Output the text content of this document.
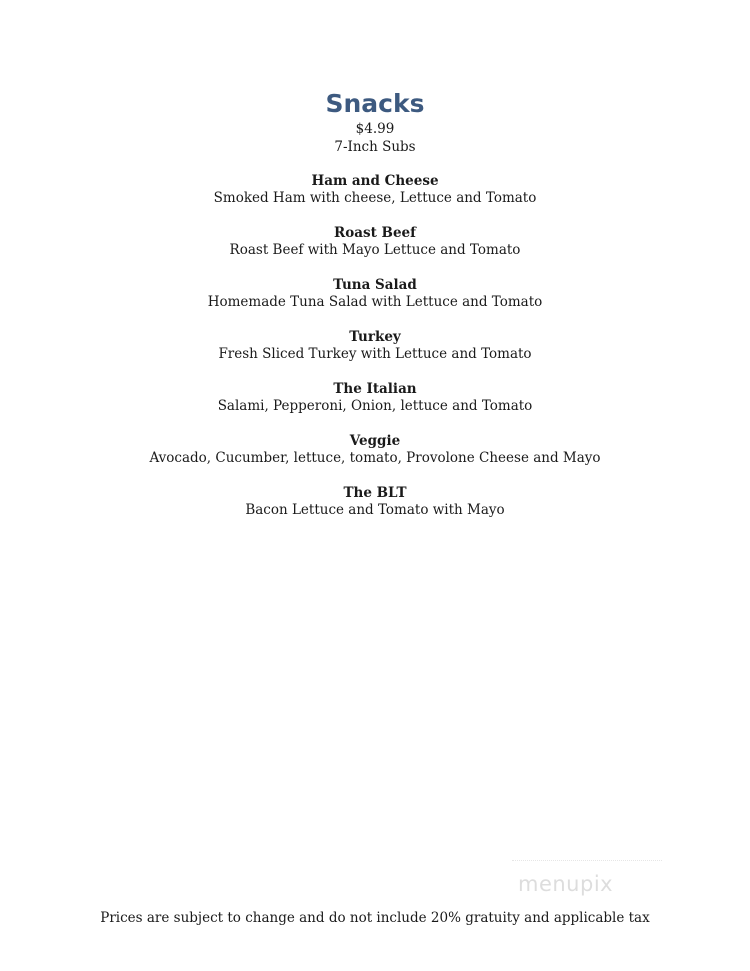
Snacks
$4.99
7-Inch Subs
Ham and Cheese
Smoked Ham with cheese, Lettuce and Tomato
Roast Beef
Roast Beef with Mayo Lettuce and Tomato
Tuna Salad
Homemade Tuna Salad with Lettuce and Tomato
Turkey
Fresh Sliced Turkey with Lettuce and Tomato
The Italian
Salami, Pepperoni, Onion, lettuce and Tomato
Veggie
Avocado, Cucumber, lettuce, tomato, Provolone Cheese and Mayo
The BLT
Bacon Lettuce and Tomato with Mayo
menupix
Prices are subject to change and do not include 20% gratuity and applicable tax
